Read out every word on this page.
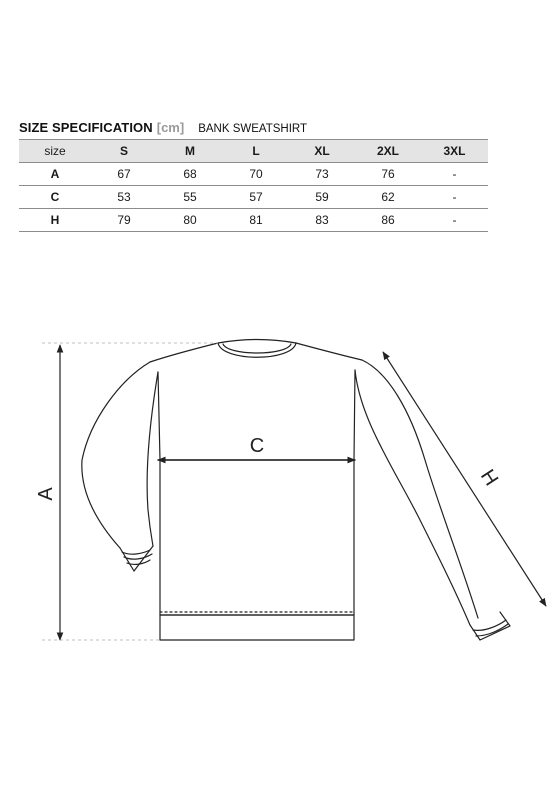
SIZE SPECIFICATION [cm] BANK SWEATSHIRT
size	S	M	L	XL	2XL	3XL
A	67	68	70	73	76	-
C	53	55	57	59	62	-
H	79	80	81	83	86	-
A
C
H
